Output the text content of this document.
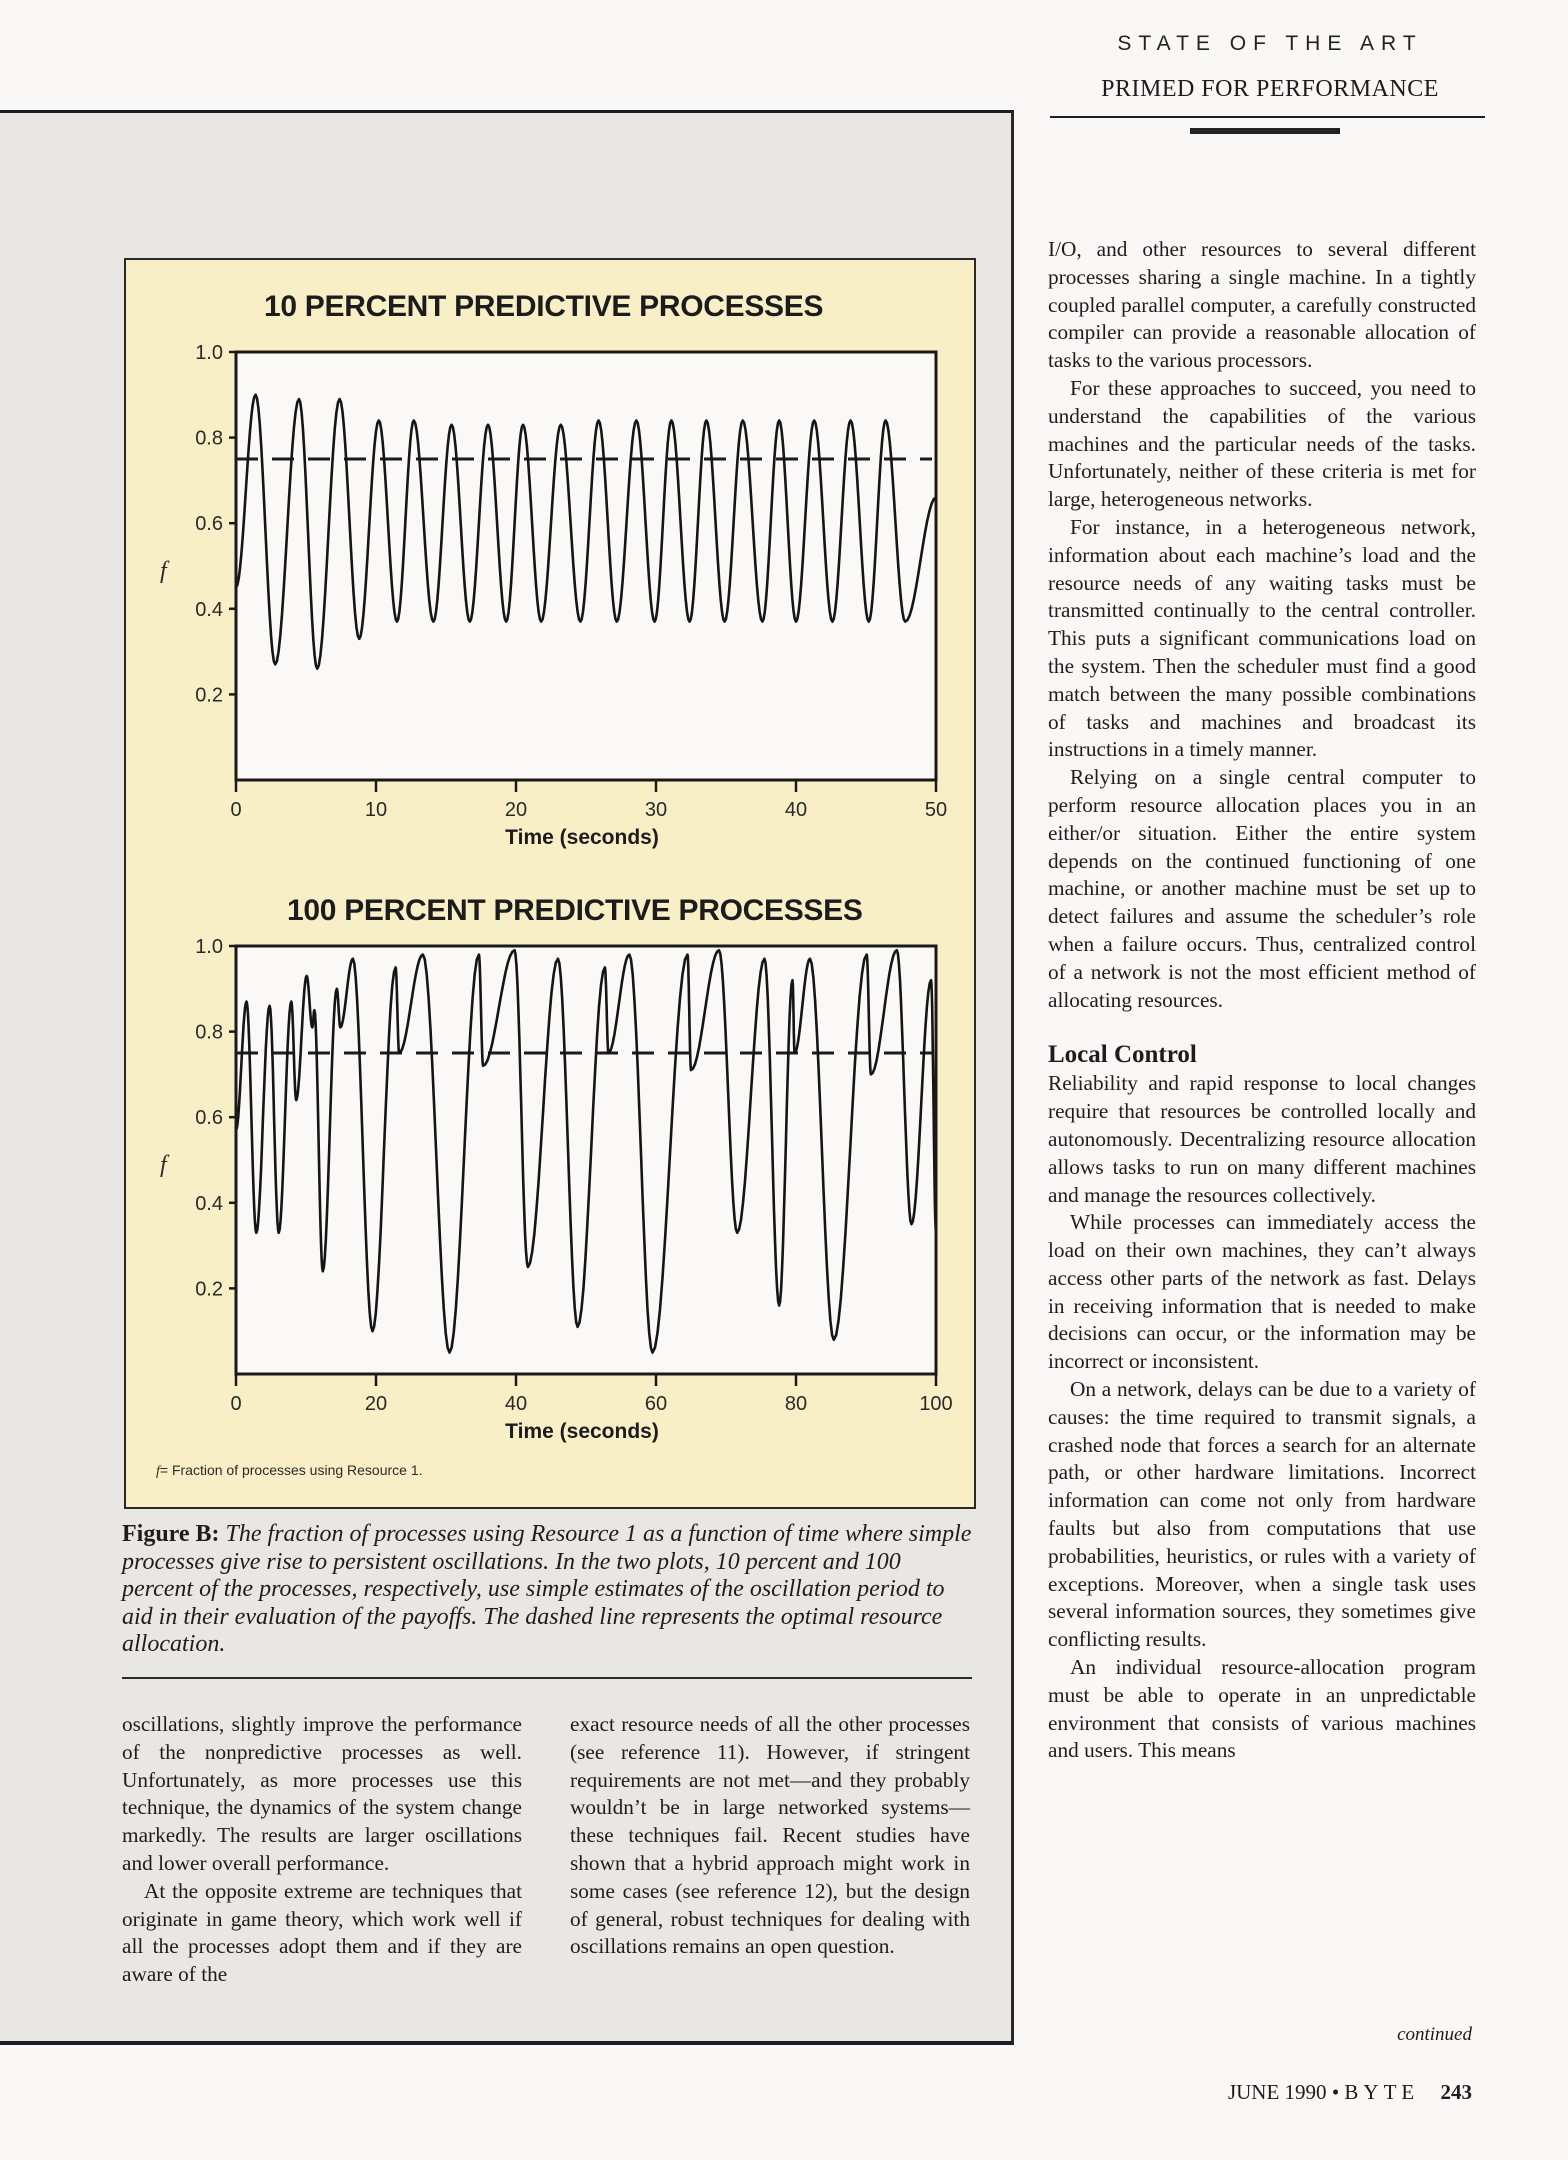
STATE OF THE ART
PRIMED FOR PERFORMANCE
10 PERCENT PREDICTIVE PROCESSES
100 PERCENT PREDICTIVE PROCESSES
0.2
0.4
0.6
0.8
1.0
0	10	20	30	40	50
Time (seconds)
f
0.2
0.4
0.6
0.8
1.0
0	20	40	60	80	100
Time (seconds)
f
f= Fraction of processes using Resource 1.
Figure B: The fraction of processes using Resource 1 as a function of time where simple processes give rise to persistent oscillations. In the two plots, 10 percent and 100 percent of the processes, respectively, use simple estimates of the oscillation period to aid in their evaluation of the payoffs. The dashed line represents the optimal resource allocation.

oscillations, slightly improve the performance of the nonpredictive processes as well. Unfortunately, as more processes use this technique, the dynamics of the system change markedly. The results are larger oscillations and lower overall performance.

At the opposite extreme are techniques that originate in game theory, which work well if all the processes adopt them and if they are aware of the

exact resource needs of all the other processes (see reference 11). However, if stringent requirements are not met—and they probably wouldn’t be in large networked systems—these techniques fail. Recent studies have shown that a hybrid approach might work in some cases (see reference 12), but the design of general, robust techniques for dealing with oscillations remains an open question.

I/O, and other resources to several different processes sharing a single machine. In a tightly coupled parallel computer, a carefully constructed compiler can provide a reasonable allocation of tasks to the various processors.

For these approaches to succeed, you need to understand the capabilities of the various machines and the particular needs of the tasks. Unfortunately, neither of these criteria is met for large, heterogeneous networks.

For instance, in a heterogeneous network, information about each machine’s load and the resource needs of any waiting tasks must be transmitted continually to the central controller. This puts a significant communications load on the system. Then the scheduler must find a good match between the many possible combinations of tasks and machines and broadcast its instructions in a timely manner.

Relying on a single central computer to perform resource allocation places you in an either/or situation. Either the entire system depends on the continued functioning of one machine, or another machine must be set up to detect failures and assume the scheduler’s role when a failure occurs. Thus, centralized control of a network is not the most efficient method of allocating resources.

Local Control

Reliability and rapid response to local changes require that resources be controlled locally and autonomously. Decentralizing resource allocation allows tasks to run on many different machines and manage the resources collectively.

While processes can immediately access the load on their own machines, they can’t always access other parts of the network as fast. Delays in receiving information that is needed to make decisions can occur, or the information may be incorrect or inconsistent.

On a network, delays can be due to a variety of causes: the time required to transmit signals, a crashed node that forces a search for an alternate path, or other hardware limitations. Incorrect information can come not only from hardware faults but also from computations that use probabilities, heuristics, or rules with a variety of exceptions. Moreover, when a single task uses several information sources, they sometimes give conflicting results.

An individual resource-allocation program must be able to operate in an unpredictable environment that consists of various machines and users. This means

continued
JUNE 1990 • BYTE 243
